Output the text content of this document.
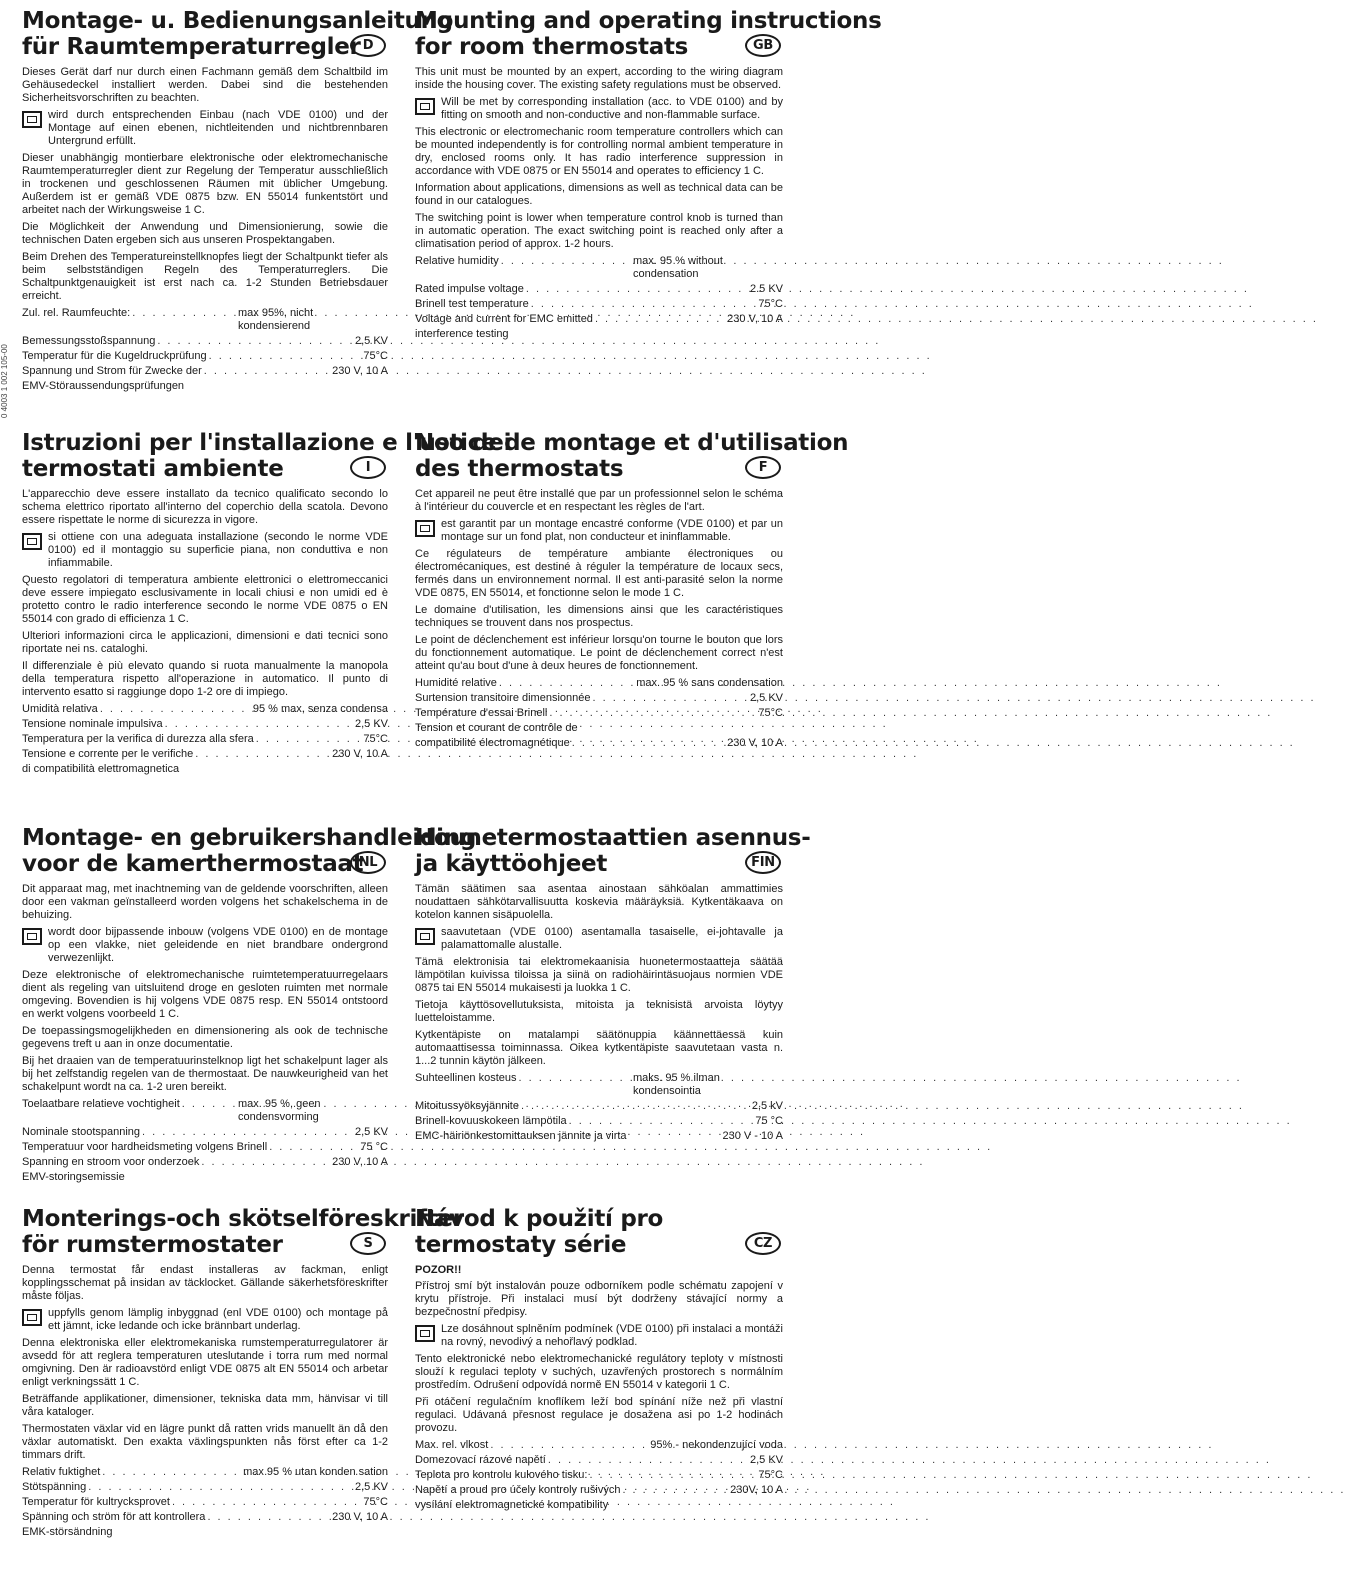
0 4003 1 002 105-00
Montage- u. Bedienungsanleitung
für Raumtemperaturregler D

Dieses Gerät darf nur durch einen Fachmann gemäß dem Schaltbild im Gehäusedeckel installiert werden. Dabei sind die bestehenden Sicherheitsvorschriften zu beachten.

wird durch entsprechenden Einbau (nach VDE 0100) und der Montage auf einen ebenen, nichtleitenden und nichtbrennbaren Untergrund erfüllt.

Dieser unabhängig montierbare elektronische oder elektromechanische Raumtemperaturregler dient zur Regelung der Temperatur ausschließlich in trockenen und geschlossenen Räumen mit üblicher Umgebung. Außerdem ist er gemäß VDE 0875 bzw. EN 55014 funkentstört und arbeitet nach der Wirkungsweise 1 C.

Die Möglichkeit der Anwendung und Dimensionierung, sowie die technischen Daten ergeben sich aus unseren Prospektangaben.

Beim Drehen des Temperatureinstellknopfes liegt der Schaltpunkt tiefer als beim selbstständigen Regeln des Temperaturreglers. Die Schaltpunktgenauigkeit ist erst nach ca. 1-2 Stunden Betriebsdauer erreicht.

Zul. rel. Raumfeuchte: . . .	max 95%, nicht kondensierend
Bemessungsstoßspannung . . .	2,5 KV
Temperatur für die Kugeldruckprüfung . . .	75°C
Spannung und Strom für Zwecke der . . .	230 V, 10 A
EMV-Störaussendungsprüfungen
Mounting and operating instructions
for room thermostats	GB

This unit must be mounted by an expert, according to the wiring diagram inside the housing cover. The existing safety regulations must be observed.

Will be met by corresponding installation (acc. to VDE 0100) and by fitting on smooth and non-conductive and non-flammable surface.

This electronic or electromechanic room temperature controllers which can be mounted independently is for controlling normal ambient temperature in dry, enclosed rooms only. It has radio interference suppression in accordance with VDE 0875 or EN 55014 and operates to efficiency 1 C.

Information about applications, dimensions as well as technical data can be found in our catalogues.

The switching point is lower when temperature control knob is turned than in automatic operation. The exact switching point is reached only after a climatisation period of approx. 1-2 hours.

Relative humidity . . .	max. 95 % without condensation
Rated impulse voltage . . .	2.5 KV
Brinell test temperature . . .	75°C
Voltage and current for EMC emitted . . .	230 V, 10 A
interference testing
Istruzioni per l'installazione e l'uso dei
termostati ambiente	I

L'apparecchio deve essere installato da tecnico qualificato secondo lo schema elettrico riportato all'interno del coperchio della scatola. Devono essere rispettate le norme di sicurezza in vigore.

si ottiene con una adeguata installazione (secondo le norme VDE 0100) ed il montaggio su superficie piana, non conduttiva e non infiammabile.

Questo regolatori di temperatura ambiente elettronici o elettromeccanici deve essere impiegato esclusivamente in locali chiusi e non umidi ed è protetto contro le radio interference secondo le norme VDE 0875 o EN 55014 con grado di efficienza 1 C.

Ulteriori informazioni circa le applicazioni, dimensioni e dati tecnici sono riportate nei ns. cataloghi.

Il differenziale è più elevato quando si ruota manualmente la manopola della temperatura rispetto all'operazione in automatico. Il punto di intervento esatto si raggiunge dopo 1-2 ore di impiego.

Umidità relativa . . .	95 % max, senza condensa
Tensione nominale impulsiva . . .	2,5 KV
Temperatura per la verifica di durezza alla sfera . . .	75°C
Tensione e corrente per le verifiche . . .	230 V, 10 A
di compatibilità elettromagnetica
Notice de montage et d'utilisation
des thermostats	F

Cet appareil ne peut être installé que par un professionnel selon le schéma à l'intérieur du couvercle et en respectant les règles de l'art.

est garantit par un montage encastré conforme (VDE 0100) et par un montage sur un fond plat, non conducteur et ininflammable.

Ce régulateurs de température ambiante électroniques ou électromécaniques, est destiné à réguler la température de locaux secs, fermés dans un environnement normal. Il est anti-parasité selon la norme VDE 0875, EN 55014, et fonctionne selon le mode 1 C.

Le domaine d'utilisation, les dimensions ainsi que les caractéristiques techniques se trouvent dans nos prospectus.

Le point de déclenchement est inférieur lorsqu'on tourne le bouton que lors du fonctionnement automatique. Le point de déclenchement correct n'est atteint qu'au bout d'une à deux heures de fonctionnement.

Humidité relative . . .	max. 95 % sans condensation
Surtension transitoire dimensionnée . . .	2,5 KV
Température d'essai Brinell . . .	75°C
Tension et courant de contrôle de
compatibilité électromagnétique . . .	230 V, 10 A
Montage- en gebruikershandleiding
voor de kamerthermostaat
NL

Dit apparaat mag, met inachtneming van de geldende voorschriften, alleen door een vakman geïnstalleerd worden volgens het schakelschema in de behuizing.

wordt door bijpassende inbouw (volgens VDE 0100) en de montage op een vlakke, niet geleidende en niet brandbare ondergrond verwezenlijkt.

Deze elektronische of elektromechanische ruimtetemperatuurregelaars dient als regeling van uitsluitend droge en gesloten ruimten met normale omgeving. Bovendien is hij volgens VDE 0875 resp. EN 55014 ontstoord en werkt volgens voorbeeld 1 C.

De toepassingsmogelijkheden en dimensionering als ook de technische gegevens treft u aan in onze documentatie.

Bij het draaien van de temperatuurinstelknop ligt het schakelpunt lager als bij het zelfstandig regelen van de thermostaat. De nauwkeurigheid van het schakelpunt wordt na ca. 1-2 uren bereikt.

Toelaatbare relatieve vochtigheit . . .	max. 95 %, geen condensvorming
Nominale stootspanning . . .	2,5 KV
Temperatuur voor hardheidsmeting volgens Brinell . . .	75 °C
Spanning en stroom voor onderzoek . . .	230 V, 10 A
EMV-storingsemissie
Hounetermostaattien asennus-
ja käyttöohjeet	FIN

Tämän säätimen saa asentaa ainostaan sähköalan ammattimies noudattaen sähkötarvallisuutta koskevia määräyksiä. Kytkentäkaava on kotelon kannen sisäpuolella.

saavutetaan (VDE 0100) asentamalla tasaiselle, ei-johtavalle ja palamattomalle alustalle.

Tämä elektronisia tai elektromekaanisia huonetermostaatteja säätää lämpötilan kuivissa tiloissa ja siinä on radiohäirintäsuojaus normien VDE 0875 tai EN 55014 mukaisesti ja luokka 1 C.

Tietoja käyttösovellutuksista, mitoista ja teknisistä arvoista löytyy luetteloistamme.

Kytkentäpiste on matalampi säätönuppia käännettäessä kuin automaattisessa toiminnassa. Oikea kytkentäpiste saavutetaan vasta n. 1...2 tunnin käytön jälkeen.

Suhteellinen kosteus . . .	maks. 95 % ilman kondensointia
Mitoitussyöksyjännite . . .	2,5 kV
Brinell-kovuuskokeen lämpötila . . .	75 °C
EMC-häiriönkestomittauksen jännite ja virta	230 V - 10 A
Monterings-och skötselföreskrifter
för rumstermostater	S

Denna termostat får endast installeras av fackman, enligt kopplingsschemat på insidan av täcklocket. Gällande säkerhetsföreskrifter måste följas.

uppfylls genom lämplig inbyggnad (enl VDE 0100) och montage på ett jämnt, icke ledande och icke brännbart underlag.

Denna elektroniska eller elektromekaniska rumstemperaturregulatorer är avsedd för att reglera temperaturen uteslutande i torra rum med normal omgivning. Den är radioavstörd enligt VDE 0875 alt EN 55014 och arbetar enligt verkningssätt 1 C.

Beträffande applikationer, dimensioner, tekniska data mm, hänvisar vi till våra kataloger.

Thermostaten växlar vid en lägre punkt då ratten vrids manuellt än då den växlar automatiskt. Den exakta växlingspunkten nås först efter ca 1-2 timmars drift.

Relativ fuktighet . . .	max 95 % utan konden sation
Stötspänning . . .	2,5 KV
Temperatur för kultrycksprovet . . .	75°C
Spänning och ström för att kontrollera . . .	230 V, 10 A
EMK-störsändning
Návod k použití pro
termostaty série	CZ

POZOR!!

Přístroj smí být instalován pouze odborníkem podle schématu zapojení v krytu přístroje. Při instalaci musí být dodrženy stávající normy a bezpečnostní předpisy.

Lze dosáhnout splněním podmínek (VDE 0100) při instalaci a montáži na rovný, nevodivý a nehořlavý podklad.

Tento elektronické nebo elektromechanické regulátory teploty v místnosti slouží k regulaci teploty v suchých, uzavřených prostorech s normálním prostředím. Odrušení odpovídá normě EN 55014 v kategorii 1 C.

Při otáčení regulačním knoflíkem leží bod spínání níže než při vlastní regulaci. Udávaná přesnost regulace je dosažena asi po 1-2 hodinách provozu.

Max. rel. vlkost . . .	95% - nekondenzující voda
Domezovací rázové napětí . . .	2,5 KV
Teplota pro kontrolu kulového tisku: . . .	75°C
Napětí a proud pro účely kontroly rušivých . . .	230V, 10 A
vysílání elektromagnetické kompatibility
